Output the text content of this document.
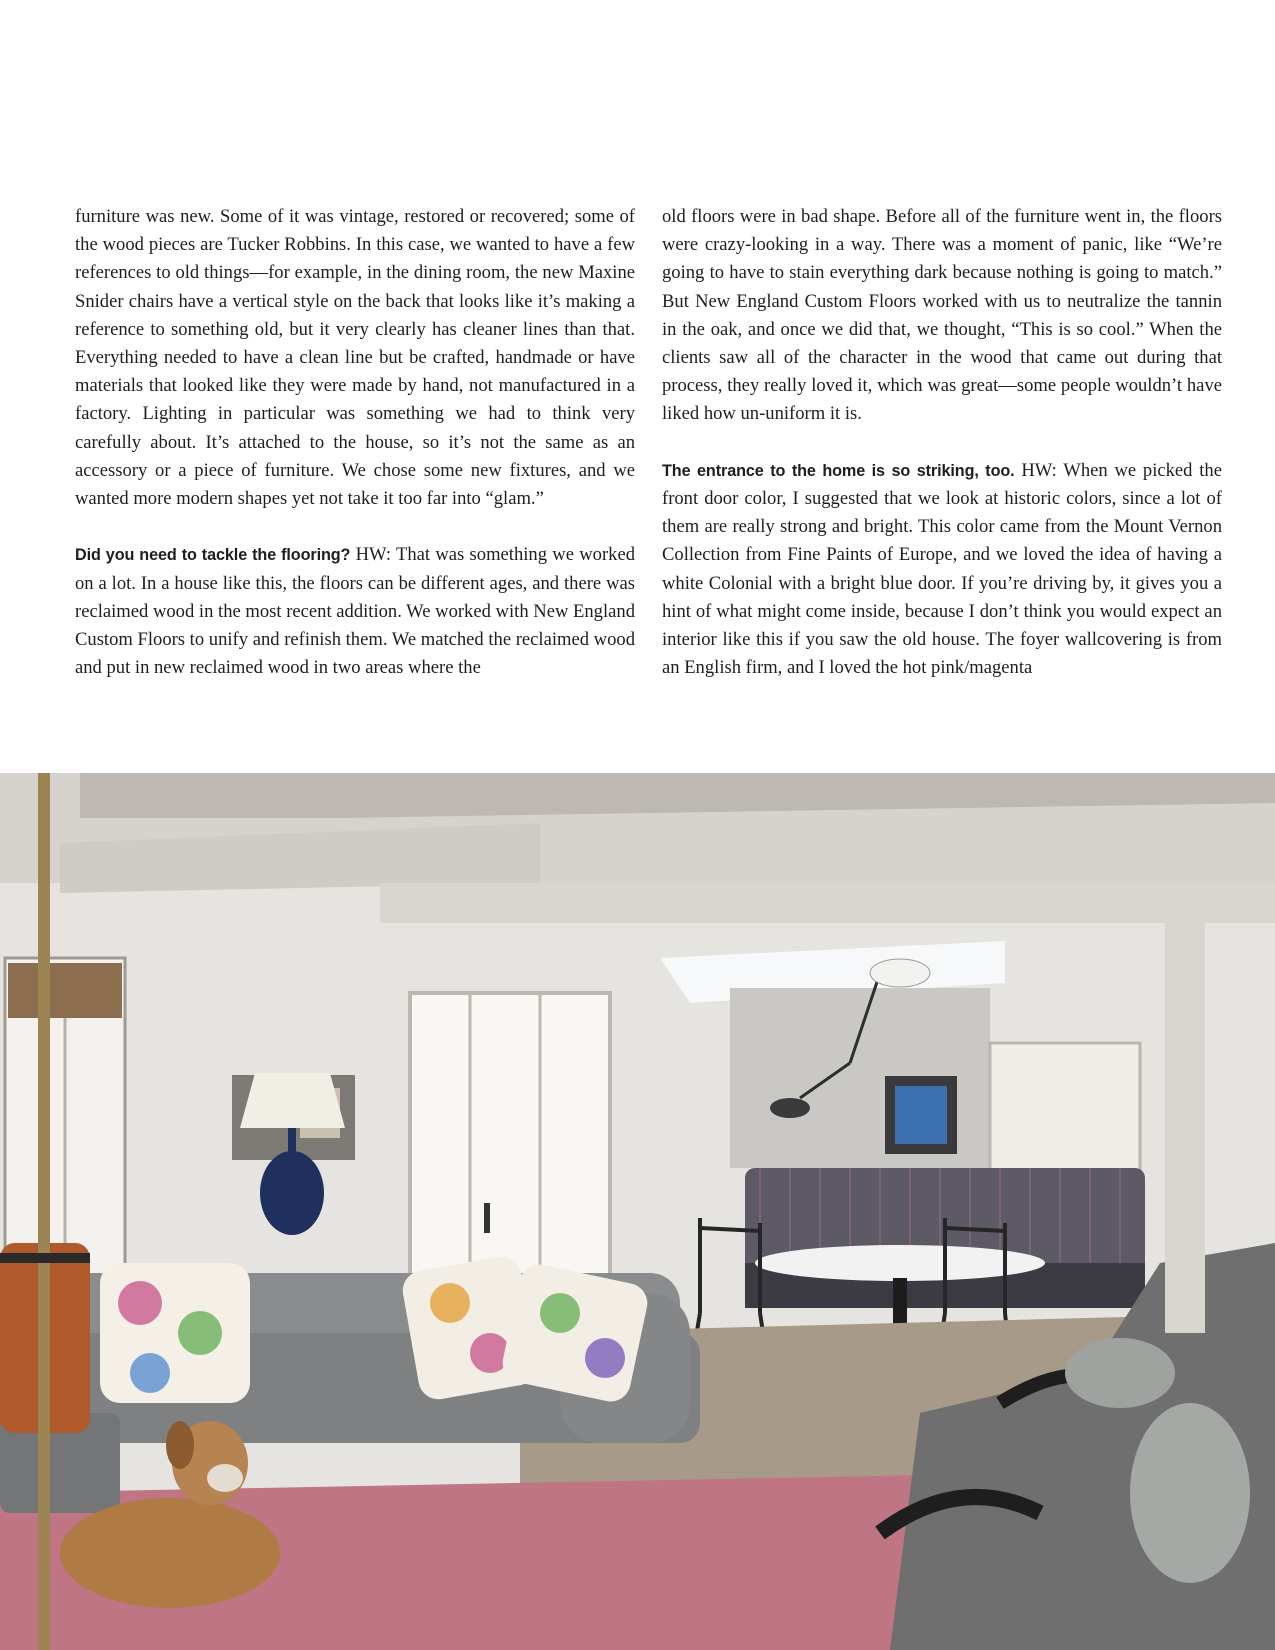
furniture was new. Some of it was vintage, restored or recovered; some of the wood pieces are Tucker Robbins. In this case, we wanted to have a few references to old things—for example, in the dining room, the new Maxine Snider chairs have a vertical style on the back that looks like it’s making a reference to something old, but it very clearly has cleaner lines than that. Everything needed to have a clean line but be crafted, handmade or have materials that looked like they were made by hand, not manufactured in a factory. Lighting in particular was something we had to think very carefully about. It’s attached to the house, so it’s not the same as an accessory or a piece of furniture. We chose some new fixtures, and we wanted more modern shapes yet not take it too far into “glam.”

Did you need to tackle the flooring? HW: That was something we worked on a lot. In a house like this, the floors can be different ages, and there was reclaimed wood in the most recent addition. We worked with New England Custom Floors to unify and refinish them. We matched the reclaimed wood and put in new reclaimed wood in two areas where the

old floors were in bad shape. Before all of the furniture went in, the floors were crazy-looking in a way. There was a moment of panic, like “We’re going to have to stain everything dark because nothing is going to match.” But New England Custom Floors worked with us to neutralize the tannin in the oak, and once we did that, we thought, “This is so cool.” When the clients saw all of the character in the wood that came out during that process, they really loved it, which was great—some people wouldn’t have liked how un-uniform it is.

The entrance to the home is so striking, too. HW: When we picked the front door color, I suggested that we look at historic colors, since a lot of them are really strong and bright. This color came from the Mount Vernon Collection from Fine Paints of Europe, and we loved the idea of having a white Colonial with a bright blue door. If you’re driving by, it gives you a hint of what might come inside, because I don’t think you would expect an interior like this if you saw the old house. The foyer wallcovering is from an English firm, and I loved the hot pink/magenta
